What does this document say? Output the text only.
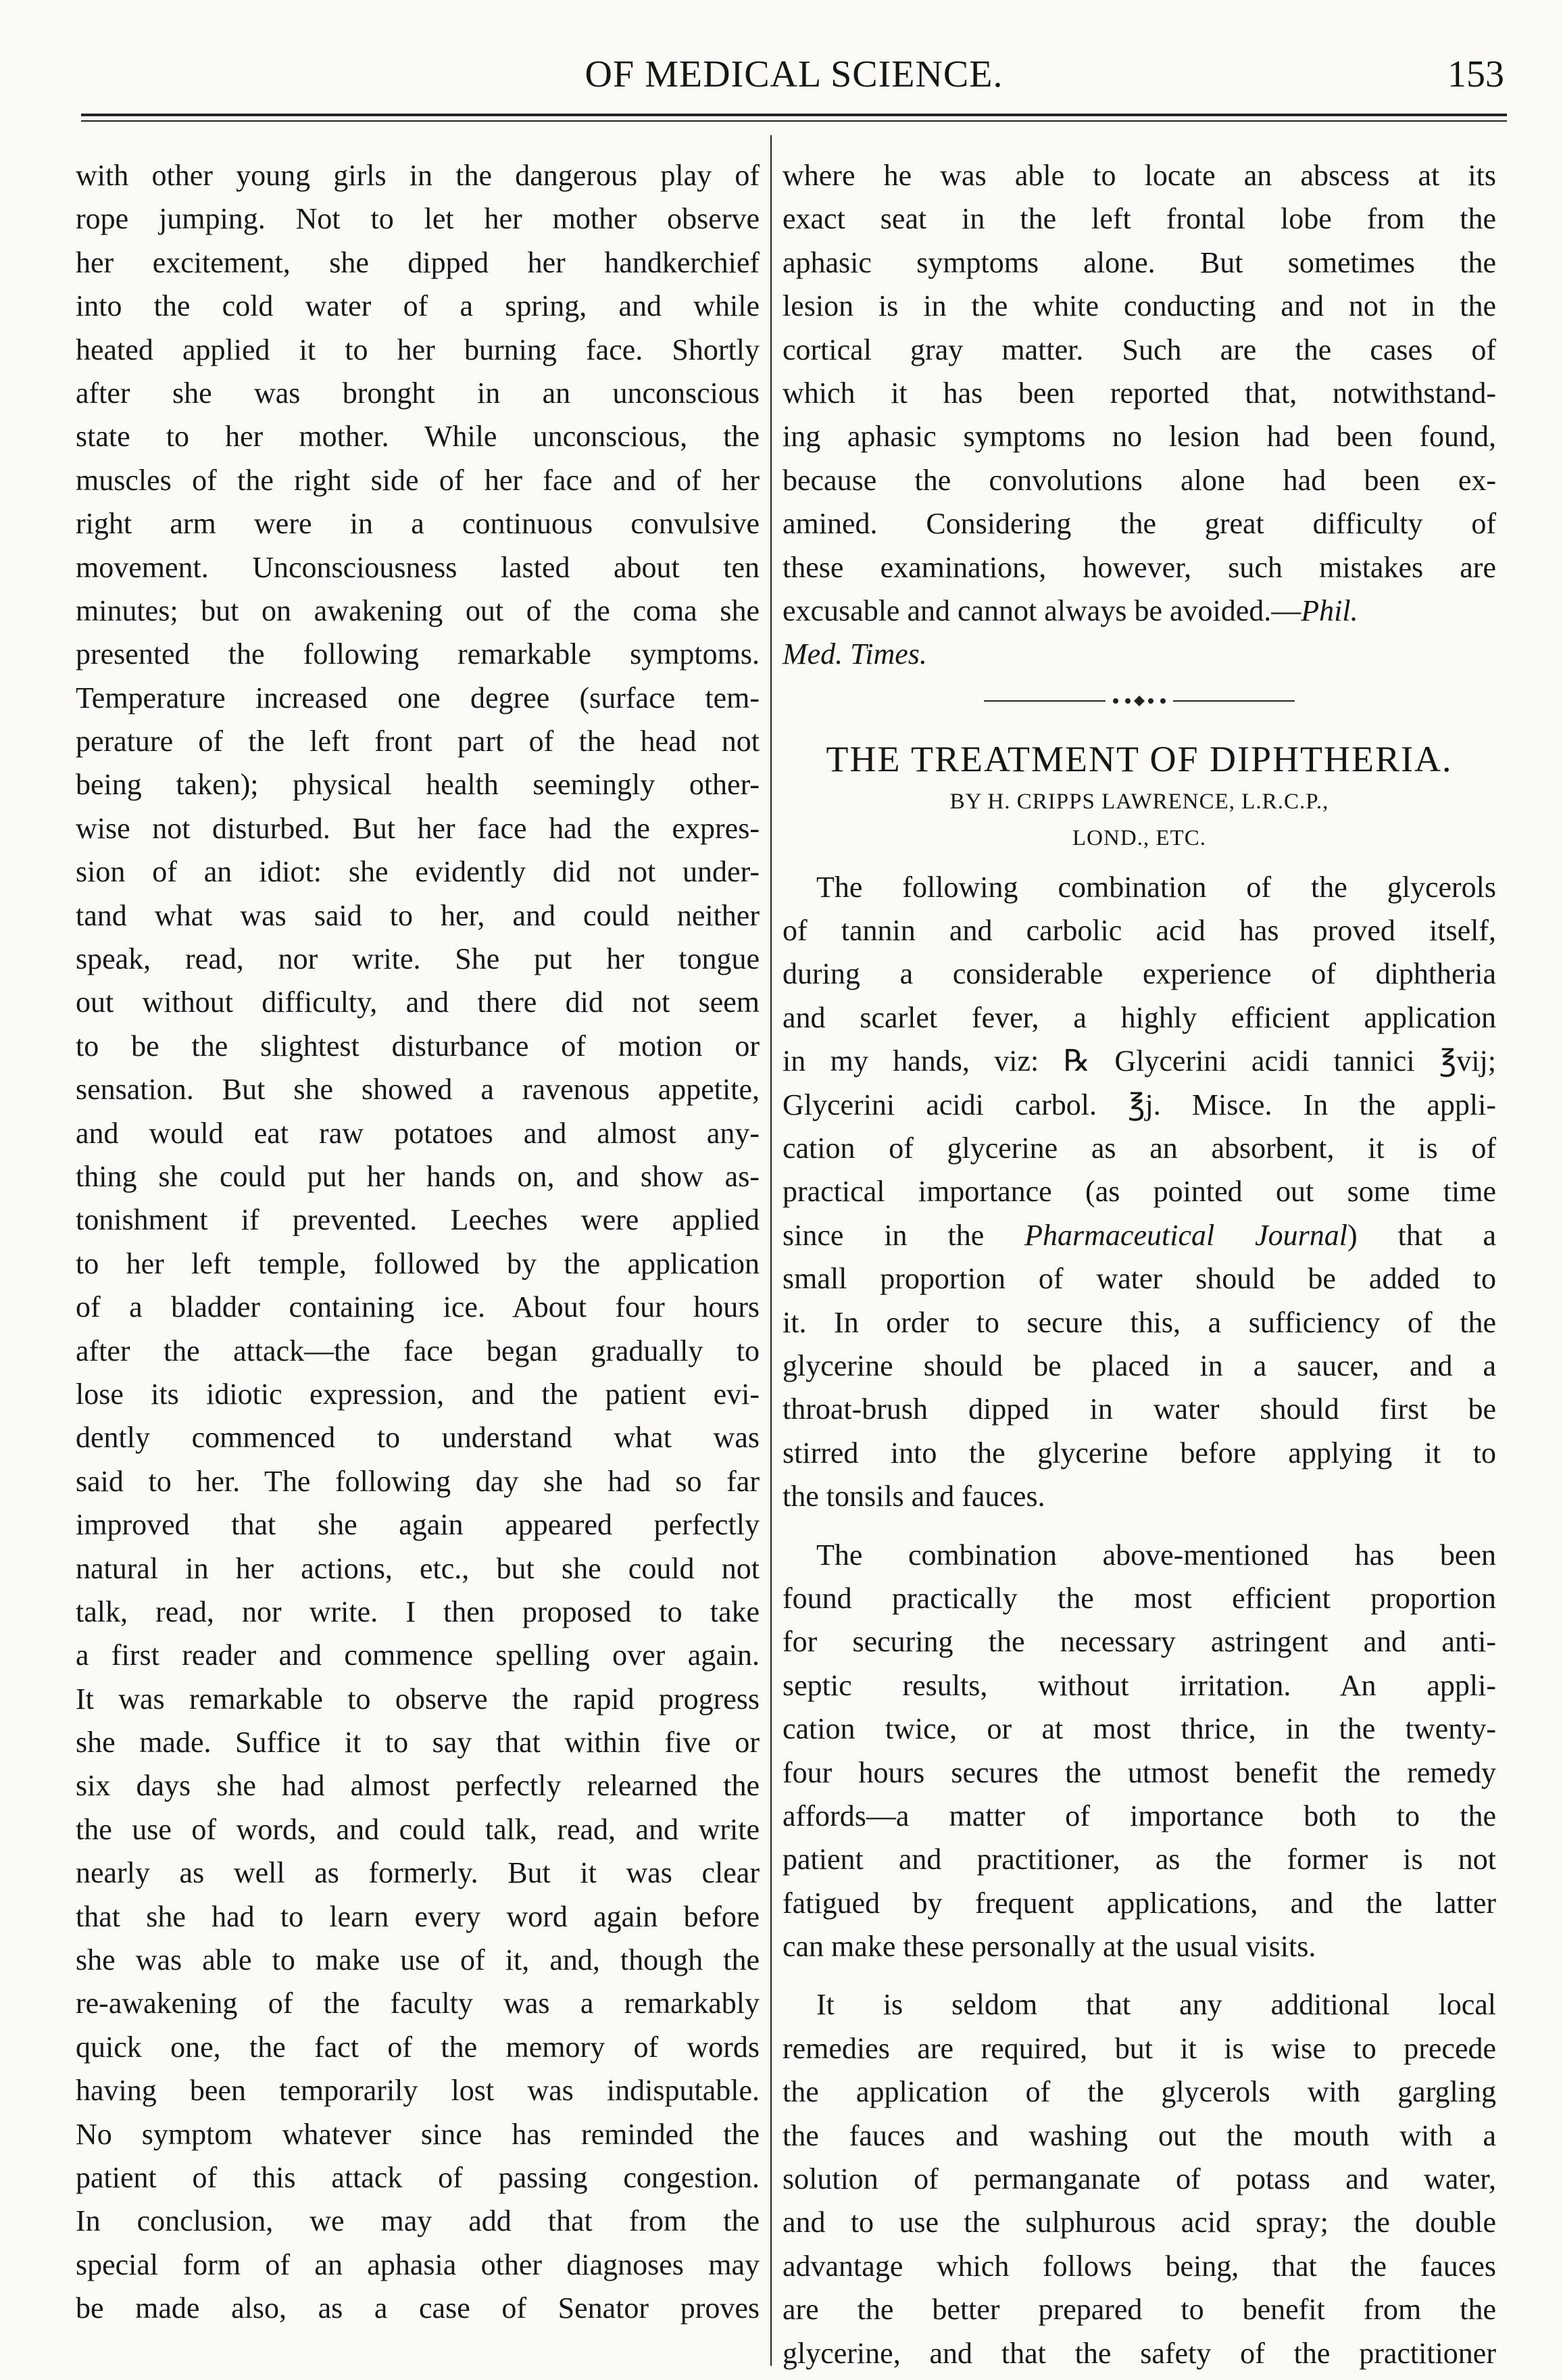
OF MEDICAL SCIENCE.	153
with other young girls in the dangerous play of
rope jumping. Not to let her mother observe
her excitement, she dipped her handkerchief
into the cold water of a spring, and while
heated applied it to her burning face. Shortly
after she was bronght in an unconscious
state to her mother. While unconscious, the
muscles of the right side of her face and of her
right arm were in a continuous convulsive
movement. Unconsciousness lasted about ten
minutes; but on awakening out of the coma she
presented the following remarkable symptoms.
Temperature increased one degree (surface tem-
perature of the left front part of the head not
being taken); physical health seemingly other-
wise not disturbed. But her face had the expres-
sion of an idiot: she evidently did not under-
tand what was said to her, and could neither
speak, read, nor write. She put her tongue
out without difficulty, and there did not seem
to be the slightest disturbance of motion or
sensation. But she showed a ravenous appetite,
and would eat raw potatoes and almost any-
thing she could put her hands on, and show as-
tonishment if prevented. Leeches were applied
to her left temple, followed by the application
of a bladder containing ice. About four hours
after the attack—the face began gradually to
lose its idiotic expression, and the patient evi-
dently commenced to understand what was
said to her. The following day she had so far
improved that she again appeared perfectly
natural in her actions, etc., but she could not
talk, read, nor write. I then proposed to take
a first reader and commence spelling over again.
It was remarkable to observe the rapid progress
she made. Suffice it to say that within five or
six days she had almost perfectly relearned the
the use of words, and could talk, read, and write
nearly as well as formerly. But it was clear
that she had to learn every word again before
she was able to make use of it, and, though the
re-awakening of the faculty was a remarkably
quick one, the fact of the memory of words
having been temporarily lost was indisputable.
No symptom whatever since has reminded the
patient of this attack of passing congestion.
In conclusion, we may add that from the
special form of an aphasia other diagnoses may
be made also, as a case of Senator proves
where he was able to locate an abscess at its
exact seat in the left frontal lobe from the
aphasic symptoms alone. But sometimes the
lesion is in the white conducting and not in the
cortical gray matter. Such are the cases of
which it has been reported that, notwithstand-
ing aphasic symptoms no lesion had been found,
because the convolutions alone had been ex-
amined. Considering the great difficulty of
these examinations, however, such mistakes are
excusable and cannot always be avoided.—Phil.
Med. Times.
THE TREATMENT OF DIPHTHERIA.
BY H. CRIPPS LAWRENCE, L.R.C.P.,
LOND., ETC.
The following combination of the glycerols
of tannin and carbolic acid has proved itself,
during a considerable experience of diphtheria
and scarlet fever, a highly efficient application
in my hands, viz: ℞ Glycerini acidi tannici ℥vij;
Glycerini acidi carbol. ℥j. Misce. In the appli-
cation of glycerine as an absorbent, it is of
practical importance (as pointed out some time
since in the Pharmaceutical Journal) that a
small proportion of water should be added to
it. In order to secure this, a sufficiency of the
glycerine should be placed in a saucer, and a
throat-brush dipped in water should first be
stirred into the glycerine before applying it to
the tonsils and fauces.
The combination above-mentioned has been
found practically the most efficient proportion
for securing the necessary astringent and anti-
septic results, without irritation. An appli-
cation twice, or at most thrice, in the twenty-
four hours secures the utmost benefit the remedy
affords—a matter of importance both to the
patient and practitioner, as the former is not
fatigued by frequent applications, and the latter
can make these personally at the usual visits.
It is seldom that any additional local
remedies are required, but it is wise to precede
the application of the glycerols with gargling
the fauces and washing out the mouth with a
solution of permanganate of potass and water,
and to use the sulphurous acid spray; the double
advantage which follows being, that the fauces
are the better prepared to benefit from the
glycerine, and that the safety of the practitioner
